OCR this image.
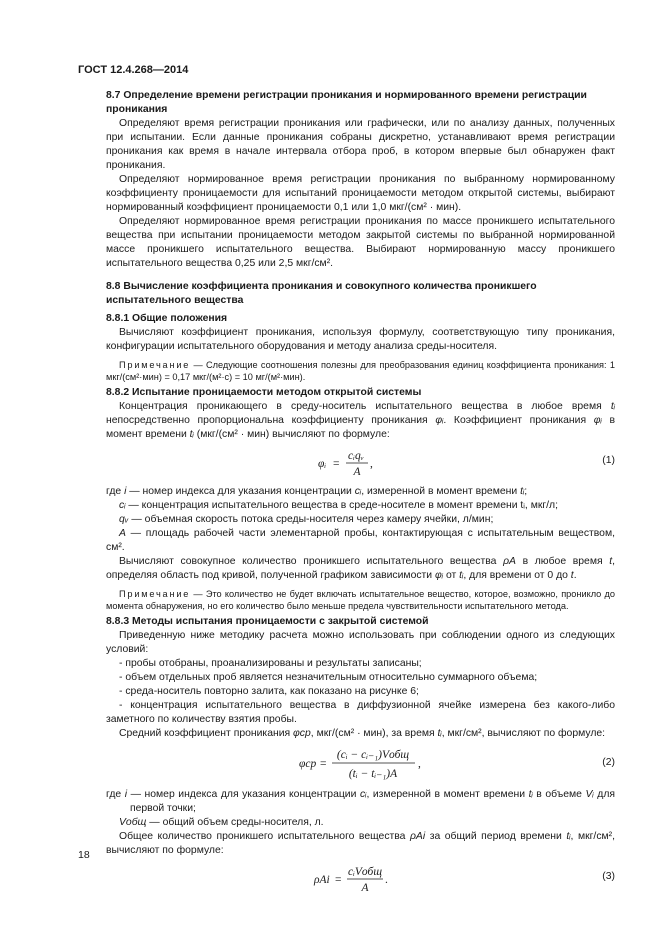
ГОСТ 12.4.268—2014

8.7 Определение времени регистрации проникания и нормированного времени регистрации проникания

Определяют время регистрации проникания или графически, или по анализу данных, полученных при испытании. Если данные проникания собраны дискретно, устанавливают время регистрации проникания как время в начале интервала отбора проб, в котором впервые был обнаружен факт проникания.

Определяют нормированное время регистрации проникания по выбранному нормированному коэффициенту проницаемости для испытаний проницаемости методом открытой системы, выбирают нормированный коэффициент проницаемости 0,1 или 1,0 мкг/(см² · мин).

Определяют нормированное время регистрации проникания по массе проникшего испытательного вещества при испытании проницаемости методом закрытой системы по выбранной нормированной массе проникшего испытательного вещества. Выбирают нормированную массу проникшего испытательного вещества 0,25 или 2,5 мкг/см².

8.8 Вычисление коэффициента проникания и совокупного количества проникшего испытательного вещества

8.8.1 Общие положения

Вычисляют коэффициент проникания, используя формулу, соответствующую типу проникания, конфигурации испытательного оборудования и методу анализа среды-носителя.

Примечание — Следующие соотношения полезны для преобразования единиц коэффициента проникания: 1 мкг/(см²·мин) = 0,17 мкг/(м²·с) = 10 мг/(м²·мин).

8.8.2 Испытание проницаемости методом открытой системы

Концентрация проникающего в среду-носитель испытательного вещества в любое время tᵢ непосредственно пропорциональна коэффициенту проникания φᵢ. Коэффициент проникания φᵢ в момент времени tᵢ (мкг/(см² · мин) вычисляют по формуле:

φᵢ =
cᵢqᵥ
A
,	(1)

где i — номер индекса для указания концентрации cᵢ, измеренной в момент времени tᵢ;

cᵢ — концентрация испытательного вещества в среде-носителе в момент времени tᵢ, мкг/л;

qᵥ — объемная скорость потока среды-носителя через камеру ячейки, л/мин;

A — площадь рабочей части элементарной пробы, контактирующая с испытательным веществом, см².

Вычисляют совокупное количество проникшего испытательного вещества ρA в любое время t, определяя область под кривой, полученной графиком зависимости φᵢ от tᵢ, для времени от 0 до t.

Примечание — Это количество не будет включать испытательное вещество, которое, возможно, проникло до момента обнаружения, но его количество было меньше предела чувствительности испытательного метода.

8.8.3 Методы испытания проницаемости с закрытой системой

Приведенную ниже методику расчета можно использовать при соблюдении одного из следующих условий:

- пробы отобраны, проанализированы и результаты записаны;

- объем отдельных проб является незначительным относительно суммарного объема;

- среда-носитель повторно залита, как показано на рисунке 6;

- концентрация испытательного вещества в диффузионной ячейке измерена без какого-либо заметного по количеству взятия пробы.

Средний коэффициент проникания φср, мкг/(см² · мин), за время tᵢ, мкг/см², вычисляют по формуле:

φср =
(cᵢ − cᵢ₋₁)Vобщ
(tᵢ − tᵢ₋₁)A
,	(2)

где i — номер индекса для указания концентрации cᵢ, измеренной в момент времени tᵢ в объеме Vᵢ для первой точки;

Vобщ — общий объем среды-носителя, л.

Общее количество проникшего испытательного вещества ρAi за общий период времени tᵢ, мкг/см², вычисляют по формуле:

ρAi =
cᵢVобщ
A
.	(3)
18
